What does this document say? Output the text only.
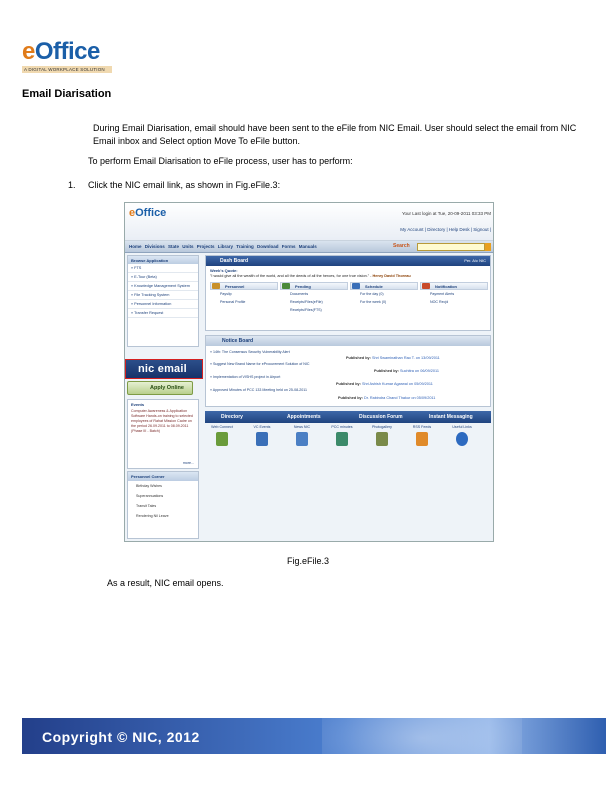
eOffice
A DIGITAL WORKPLACE SOLUTION
Email Diarisation
During Email Diarisation, email should have been sent to the eFile from NIC Email. User should select the email from NIC Email inbox and Select option Move To eFile button.
To perform Email Diarisation to eFile process, user has to perform:
1. Click the NIC email link, as shown in Fig.eFile.3:
eOffice	Your Last login at Tue, 20-09-2011 03:33 PM
My Account | Directory | Help Desk | Signout |
Home Divisions State Units Projects Library Training Download Forms Manuals	Search
Browse Application
» FTS
» E-Tour (Beta)
» Knowledge Management System
» File Tracking System
» Personnel Information
» Transfer Request
nic email
Apply Online
Events
Computer Awareness & Application Software Hands-on training to selected employees of Rahat Mission Cadre on the period 26.09.2011 to 08.09.2011 (Phase III - Batch)
more...
Personnel Corner
Birthday Wishes
Superannuations
Transit Tales
Rendering Nil Leave
Dash Board	Per. A/c NIC
Week's Quote:
"I would give all the wealth of the world, and all the deeds of all the heroes, for one true vision." - Henry David Thoreau
Personnel
Payslip
Personal Profile
Pending
Documents
Receipts/Files(eFile)
Receipts/Files(FTS)
Schedule
For the day (0)
For the week (0)
Notification
Payment Alerts
NOC Req'd
Notice Board
» 14th: The Consensus Security Vulnerability Alert
Published by: Shri Swaminathan Rao T. on 13/09/2011
» Suggest New Brand Name for eProcurement Solution of NIC
Published by: Suchitra on 06/09/2011
» Implementation of VISHS project in Airport
Published by: Shri Ashish Kumar Agarwal on 05/09/2011
» Approved Minutes of PCC 133 Meeting held on 25-08-2011
Published by: Dr. Rabindra Chand Thakur on 05/09/2011
Directory	Appointments	Discussion Forum	Instant Messaging
Web Connect	VC Events	News NIC	PCC minutes	Photogallery	RSS Feeds	Useful Links
Fig.eFile.3
As a result, NIC email opens.
Copyright © NIC, 2012
